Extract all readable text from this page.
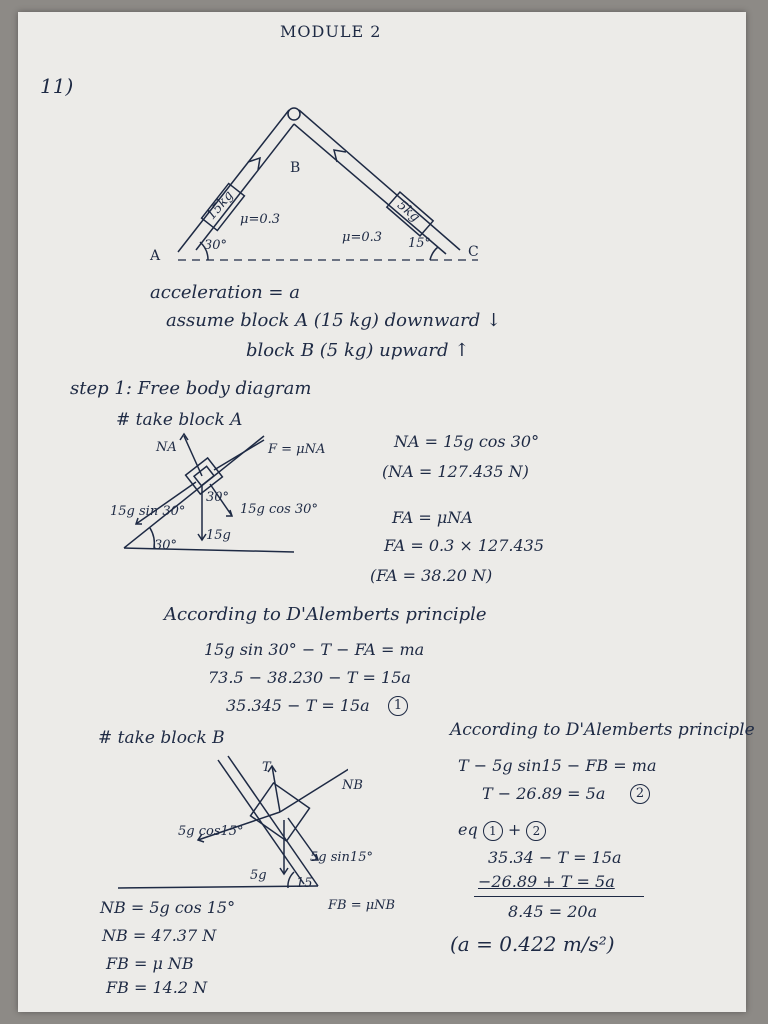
MODULE 2
11)
15kg	5kg
B
A	C
30°	15°
μ=0.3
μ=0.3
acceleration = a
assume block A (15 kg) downward ↓
block B (5 kg) upward ↑
step 1: Free body diagram
# take block A
NA	F = μNA
15g sin 30°	15g cos 30°
15g
30°
30°
NA = 15g cos 30°
(NA = 127.435 N)
FA = μNA
FA = 0.3 × 127.435
(FA = 38.20 N)
According to D'Alemberts principle
15g sin 30° − T − FA = ma
73.5 − 38.230 − T = 15a
35.345 − T = 15a	1
# take block B
T
NB
5g cos15°
5g sin15°
5g
15
FB = μNB
NB = 5g cos 15°
NB = 47.37 N
FB = μ NB
FB = 14.2 N
According to D'Alemberts principle
T − 5g sin15 − FB = ma
T − 26.89 = 5a	2
eq 1 + 2
35.34 − T = 15a
−26.89 + T = 5a
8.45 = 20a
(a = 0.422 m/s²)
